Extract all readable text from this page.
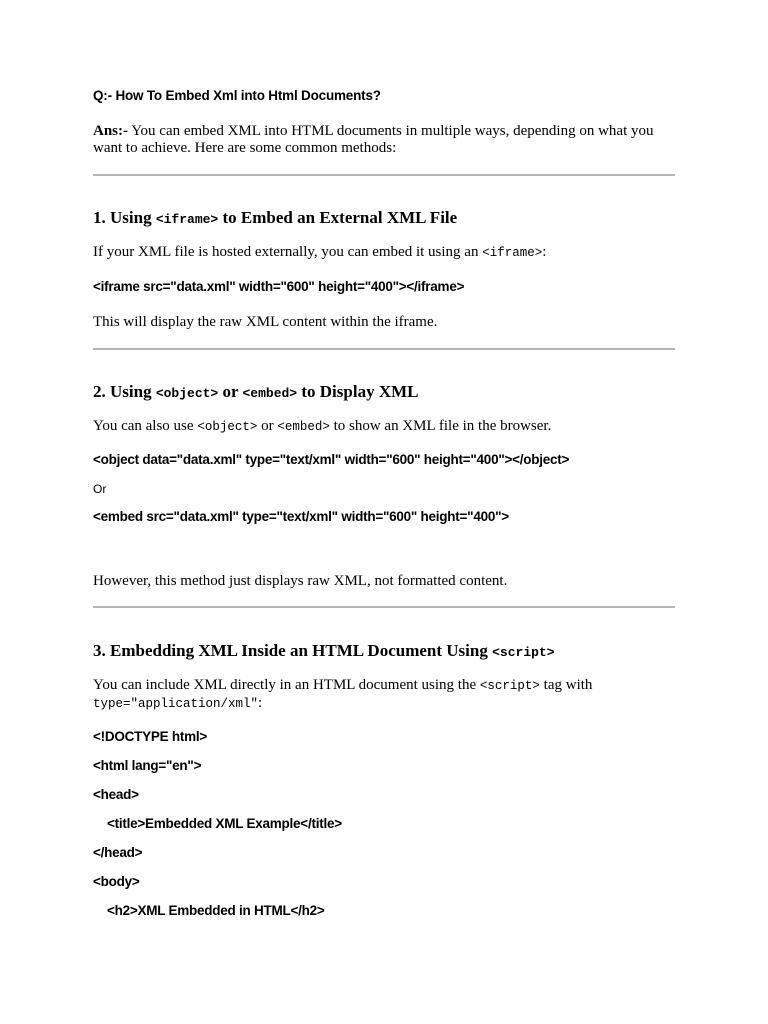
Q:- How To Embed Xml into Html Documents?
Ans:- You can embed XML into HTML documents in multiple ways, depending on what you want to achieve. Here are some common methods:
1. Using <iframe> to Embed an External XML File
If your XML file is hosted externally, you can embed it using an <iframe>:
<iframe src="data.xml" width="600" height="400"></iframe>
This will display the raw XML content within the iframe.
2. Using <object> or <embed> to Display XML
You can also use <object> or <embed> to show an XML file in the browser.
<object data="data.xml" type="text/xml" width="600" height="400"></object>
Or
<embed src="data.xml" type="text/xml" width="600" height="400">
However, this method just displays raw XML, not formatted content.
3. Embedding XML Inside an HTML Document Using <script>
You can include XML directly in an HTML document using the <script> tag with type="application/xml":
<!DOCTYPE html>
<html lang="en">
<head>
<title>Embedded XML Example</title>
</head>
<body>
<h2>XML Embedded in HTML</h2>
